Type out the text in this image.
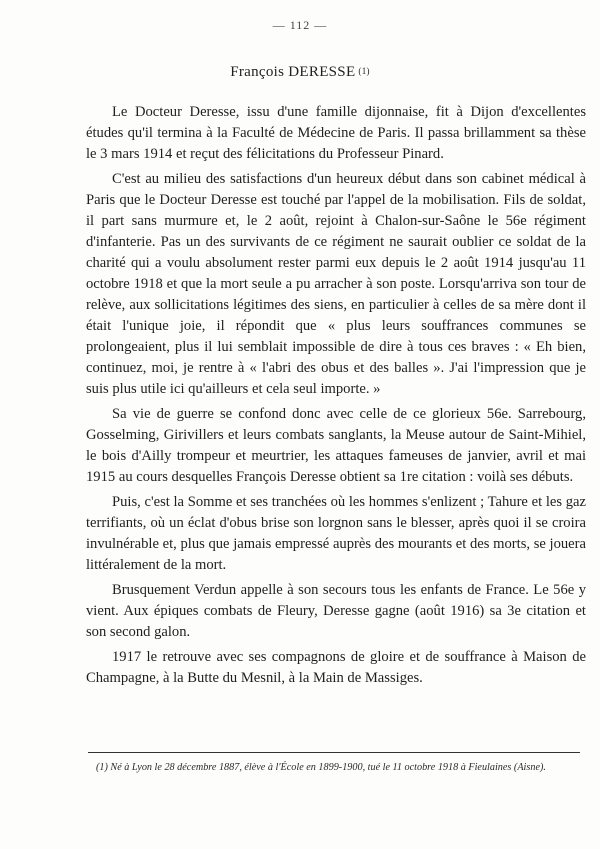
— 112 —
François DERESSE $^{(1)}$

Le Docteur Deresse, issu d'une famille dijonnaise, fit à Dijon d'excellentes études qu'il termina à la Faculté de Médecine de Paris. Il passa brillamment sa thèse le 3 mars 1914 et reçut des félicitations du Professeur Pinard.

C'est au milieu des satisfactions d'un heureux début dans son cabinet médical à Paris que le Docteur Deresse est touché par l'appel de la mobilisation. Fils de soldat, il part sans murmure et, le 2 août, rejoint à Chalon-sur-Saône le 56e régiment d'infanterie. Pas un des survivants de ce régiment ne saurait oublier ce soldat de la charité qui a voulu absolument rester parmi eux depuis le 2 août 1914 jusqu'au 11 octobre 1918 et que la mort seule a pu arracher à son poste. Lorsqu'arriva son tour de relève, aux sollicitations légitimes des siens, en particulier à celles de sa mère dont il était l'unique joie, il répondit que « plus leurs souffrances communes se prolongeaient, plus il lui semblait impossible de dire à tous ces braves : « Eh bien, continuez, moi, je rentre à « l'abri des obus et des balles ». J'ai l'impression que je suis plus utile ici qu'ailleurs et cela seul importe. »

Sa vie de guerre se confond donc avec celle de ce glorieux 56e. Sarrebourg, Gosselming, Girivillers et leurs combats sanglants, la Meuse autour de Saint-Mihiel, le bois d'Ailly trompeur et meurtrier, les attaques fameuses de janvier, avril et mai 1915 au cours desquelles François Deresse obtient sa 1re citation : voilà ses débuts.

Puis, c'est la Somme et ses tranchées où les hommes s'enlizent ; Tahure et les gaz terrifiants, où un éclat d'obus brise son lorgnon sans le blesser, après quoi il se croira invulnérable et, plus que jamais empressé auprès des mourants et des morts, se jouera littéralement de la mort.

Brusquement Verdun appelle à son secours tous les enfants de France. Le 56e y vient. Aux épiques combats de Fleury, Deresse gagne (août 1916) sa 3e citation et son second galon.

1917 le retrouve avec ses compagnons de gloire et de souffrance à Maison de Champagne, à la Butte du Mesnil, à la Main de Massiges.

(1) Né à Lyon le 28 décembre 1887, élève à l'École en 1899-1900, tué le 11 octobre 1918 à Fieulaines (Aisne).
